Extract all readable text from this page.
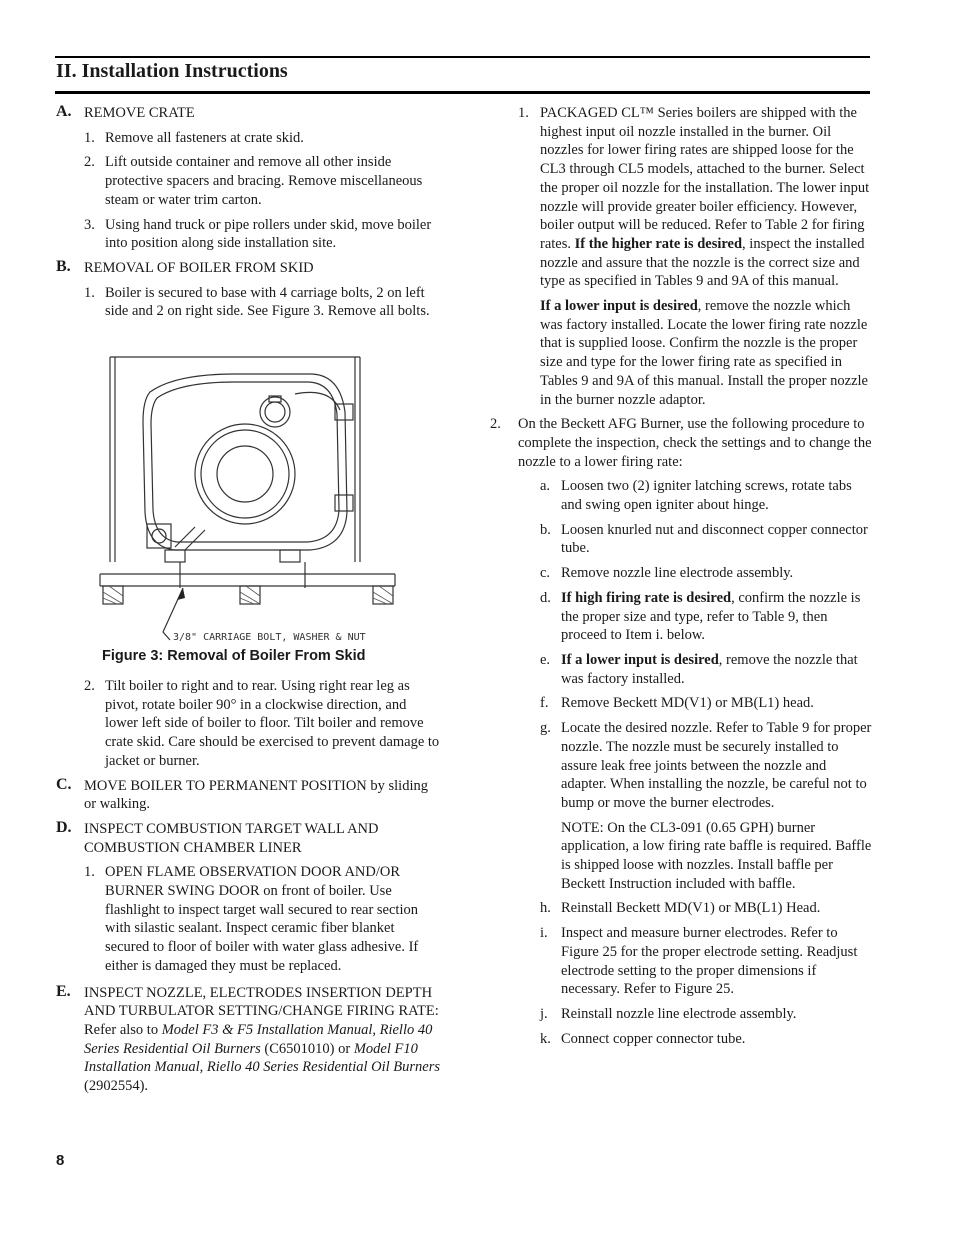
II. Installation Instructions
A. REMOVE CRATE
1. Remove all fasteners at crate skid.
2. Lift outside container and remove all other inside protective spacers and bracing. Remove miscellaneous steam or water trim carton.
3. Using hand truck or pipe rollers under skid, move boiler into position along side installation site.
B. REMOVAL OF BOILER FROM SKID
1. Boiler is secured to base with 4 carriage bolts, 2 on left side and 2 on right side. See Figure 3. Remove all bolts.
3/8" CARRIAGE BOLT, WASHER & NUT
Figure 3: Removal of Boiler From Skid
2. Tilt boiler to right and to rear. Using right rear leg as pivot, rotate boiler 90° in a clockwise direction, and lower left side of boiler to floor. Tilt boiler and remove crate skid. Care should be exercised to prevent damage to jacket or burner.
C. MOVE BOILER TO PERMANENT POSITION by sliding or walking.
D. INSPECT COMBUSTION TARGET WALL AND COMBUSTION CHAMBER LINER
1. OPEN FLAME OBSERVATION DOOR AND/OR BURNER SWING DOOR on front of boiler. Use flashlight to inspect target wall secured to rear section with silastic sealant. Inspect ceramic fiber blanket secured to floor of boiler with water glass adhesive. If either is damaged they must be replaced.
E. INSPECT NOZZLE, ELECTRODES INSERTION DEPTH AND TURBULATOR SETTING/CHANGE FIRING RATE: Refer also to Model F3 & F5 Installation Manual, Riello 40 Series Residential Oil Burners (C6501010) or Model F10 Installation Manual, Riello 40 Series Residential Oil Burners (2902554).
1. PACKAGED CL™ Series boilers are shipped with the highest input oil nozzle installed in the burner. Oil nozzles for lower firing rates are shipped loose for the CL3 through CL5 models, attached to the burner. Select the proper oil nozzle for the installation. The lower input nozzle will provide greater boiler efficiency. However, boiler output will be reduced. Refer to Table 2 for firing rates. If the higher rate is desired, inspect the installed nozzle and assure that the nozzle is the correct size and type as specified in Tables 9 and 9A of this manual.
If a lower input is desired, remove the nozzle which was factory installed. Locate the lower firing rate nozzle that is supplied loose. Confirm the nozzle is the proper size and type for the lower firing rate as specified in Tables 9 and 9A of this manual. Install the proper nozzle in the burner nozzle adaptor.
2. On the Beckett AFG Burner, use the following procedure to complete the inspection, check the settings and to change the nozzle to a lower firing rate:
a. Loosen two (2) igniter latching screws, rotate tabs and swing open igniter about hinge.
b. Loosen knurled nut and disconnect copper connector tube.
c. Remove nozzle line electrode assembly.
d. If high firing rate is desired, confirm the nozzle is the proper size and type, refer to Table 9, then proceed to Item i. below.
e. If a lower input is desired, remove the nozzle that was factory installed.
f. Remove Beckett MD(V1) or MB(L1) head.
g. Locate the desired nozzle. Refer to Table 9 for proper nozzle. The nozzle must be securely installed to assure leak free joints between the nozzle and adapter. When installing the nozzle, be careful not to bump or move the burner electrodes.
NOTE: On the CL3-091 (0.65 GPH) burner application, a low firing rate baffle is required. Baffle is shipped loose with nozzles. Install baffle per Beckett Instruction included with baffle.
h. Reinstall Beckett MD(V1) or MB(L1) Head.
i. Inspect and measure burner electrodes. Refer to Figure 25 for the proper electrode setting. Readjust electrode setting to the proper dimensions if necessary. Refer to Figure 25.
j. Reinstall nozzle line electrode assembly.
k. Connect copper connector tube.
8
